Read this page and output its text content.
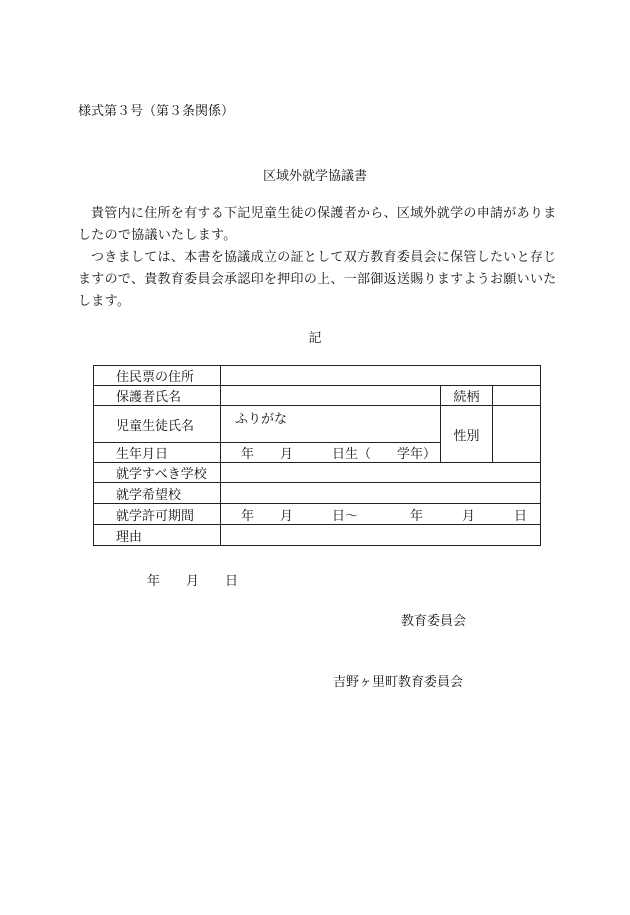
様式第３号（第３条関係）
区域外就学協議書

貴管内に住所を有する下記児童生徒の保護者から、区域外就学の申請がありましたので協議いたします。

つきましては、本書を協議成立の証として双方教育委員会に保管したいと存じますので、貴教育委員会承認印を押印の上、一部御返送賜りますようお願いいたします。

記
住民票の住所			
保護者氏名		続柄	
児童生徒氏名	ふりがな	性別	
生年月日	年　　月　　　日生（　　学年）		
就学すべき学校			
就学希望校			
就学許可期間	年　　月　　　日～　　　　年　　　月　　　日		
理由			
年　　月　　日
教育委員会
吉野ヶ里町教育委員会
